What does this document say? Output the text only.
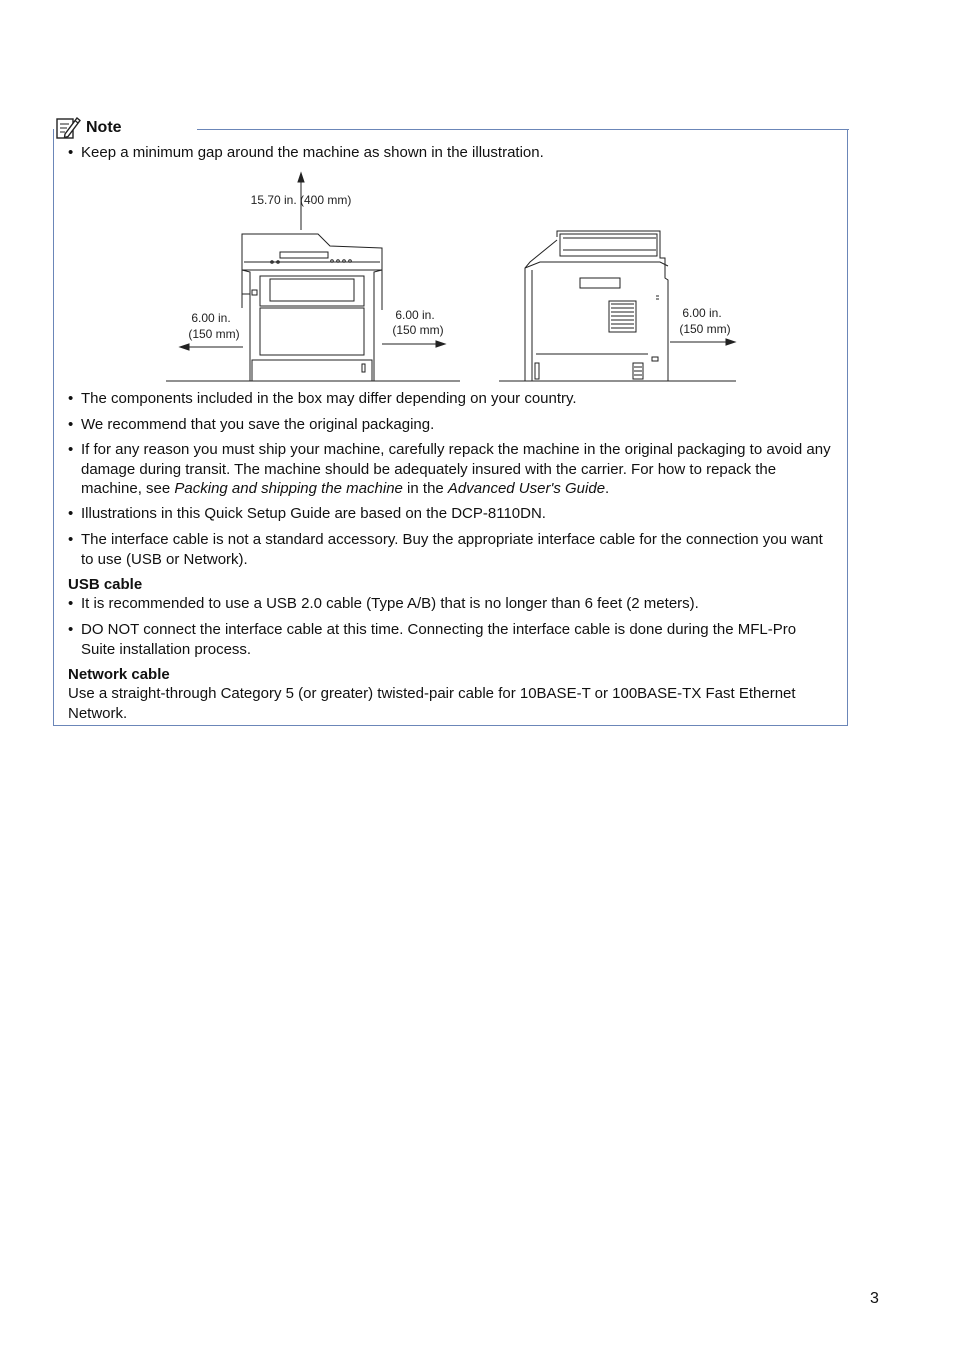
Note
• Keep a minimum gap around the machine as shown in the illustration.
15.70 in. (400 mm)
6.00 in.
(150 mm)
6.00 in.
(150 mm)
6.00 in.
(150 mm)
• The components included in the box may differ depending on your country.
• We recommend that you save the original packaging.
• If for any reason you must ship your machine, carefully repack the machine in the original packaging to avoid any damage during transit. The machine should be adequately insured with the carrier. For how to repack the machine, see Packing and shipping the machine in the Advanced User's Guide.
• Illustrations in this Quick Setup Guide are based on the DCP-8110DN.
• The interface cable is not a standard accessory. Buy the appropriate interface cable for the connection you want to use (USB or Network).
USB cable
• It is recommended to use a USB 2.0 cable (Type A/B) that is no longer than 6 feet (2 meters).
• DO NOT connect the interface cable at this time. Connecting the interface cable is done during the MFL-Pro Suite installation process.
Network cable
Use a straight-through Category 5 (or greater) twisted-pair cable for 10BASE-T or 100BASE-TX Fast Ethernet Network.
3
